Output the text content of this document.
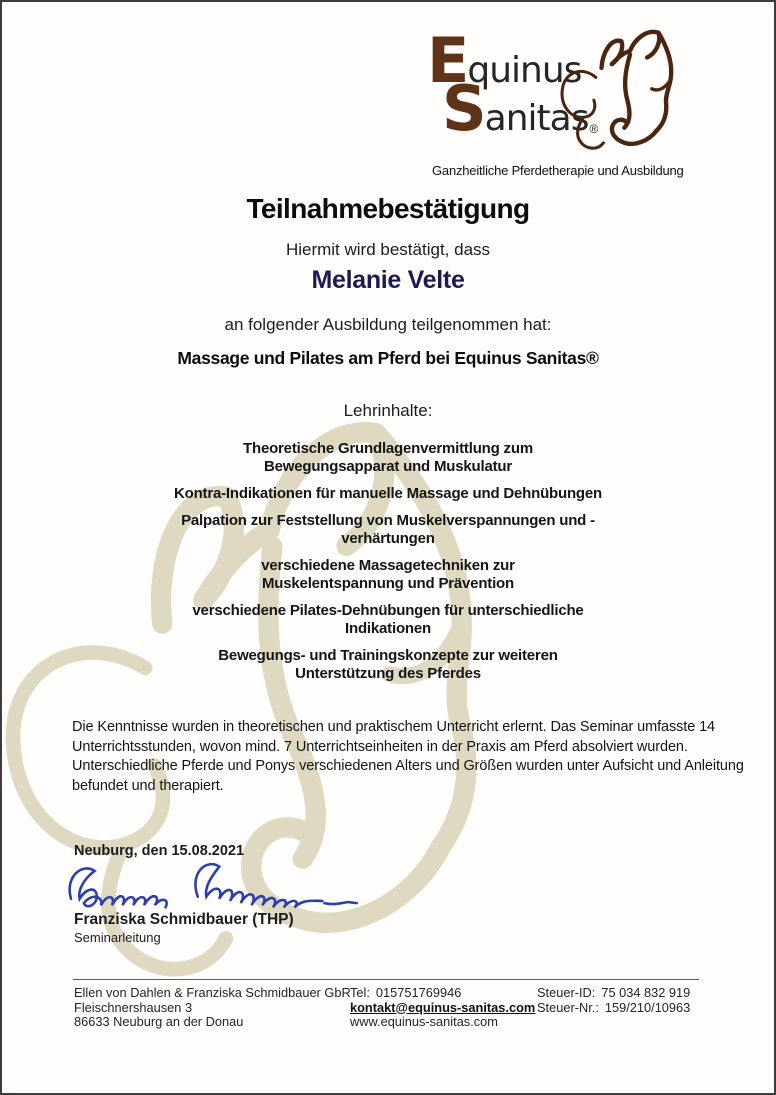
E quinus
S anitas ®
Ganzheitliche Pferdetherapie und Ausbildung
Teilnahmebestätigung
Hiermit wird bestätigt, dass
Melanie Velte
an folgender Ausbildung teilgenommen hat:
Massage und Pilates am Pferd bei Equinus Sanitas®
Lehrinhalte:
Theoretische Grundlagenvermittlung zum Bewegungsapparat und Muskulatur
Kontra-Indikationen für manuelle Massage und Dehnübungen
Palpation zur Feststellung von Muskelverspannungen und -verhärtungen
verschiedene Massagetechniken zur Muskelentspannung und Prävention
verschiedene Pilates-Dehnübungen für unterschiedliche Indikationen
Bewegungs- und Trainingskonzepte zur weiteren Unterstützung des Pferdes
Die Kenntnisse wurden in theoretischen und praktischem Unterricht erlernt. Das Seminar umfasste 14 Unterrichtsstunden, wovon mind. 7 Unterrichtseinheiten in der Praxis am Pferd absolviert wurden. Unterschiedliche Pferde und Ponys verschiedenen Alters und Größen wurden unter Aufsicht und Anleitung befundet und therapiert.
Neuburg, den 15.08.2021
Franziska Schmidbauer (THP)
Seminarleitung
Ellen von Dahlen & Franziska Schmidbauer GbR
Fleischnershausen 3
86633 Neuburg an der Donau
Tel: 015751769946
kontakt@equinus-sanitas.com
www.equinus-sanitas.com
Steuer-ID: 75 034 832 919
Steuer-Nr.: 159/210/10963
